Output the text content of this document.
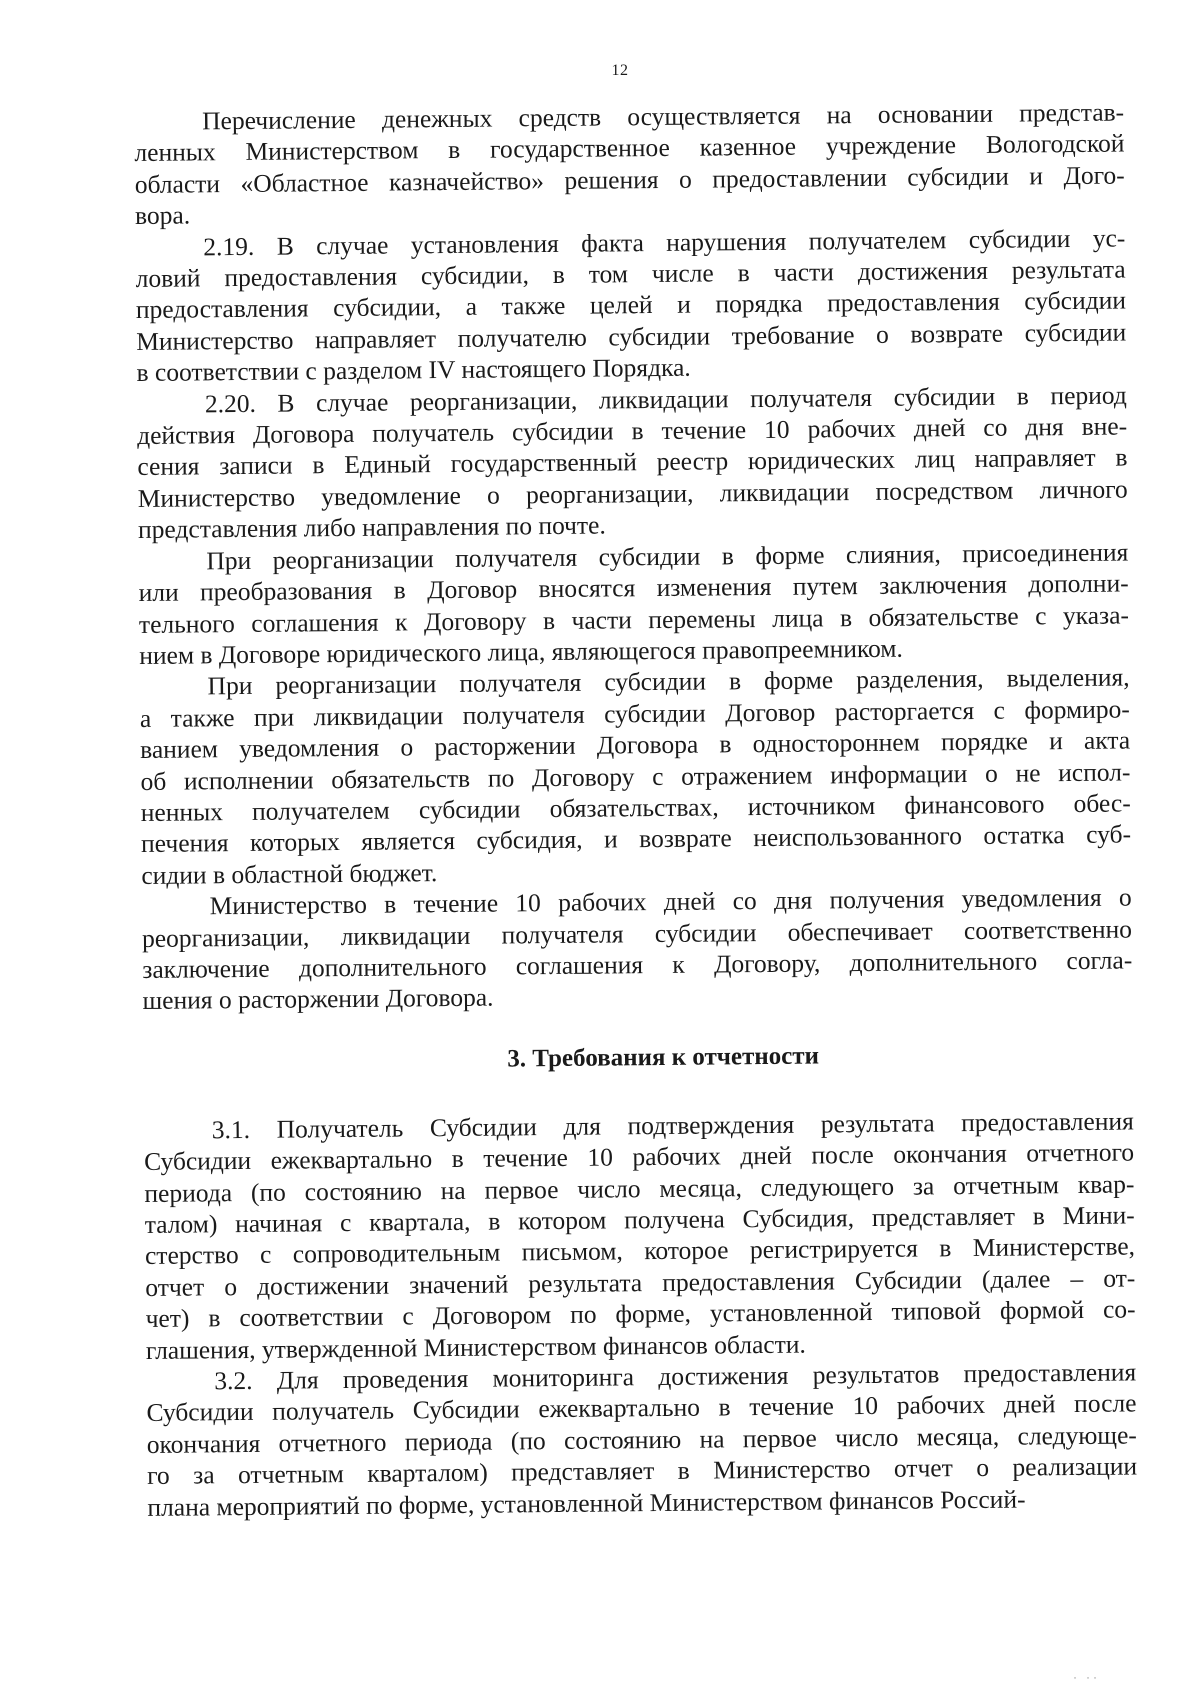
12
Перечисление денежных средств осуществляется на основании представ-
ленных Министерством в государственное казенное учреждение Вологодской
области «Областное казначейство» решения о предоставлении субсидии и Дого-
вора.
2.19. В случае установления факта нарушения получателем субсидии ус-
ловий предоставления субсидии, в том числе в части достижения результата
предоставления субсидии, а также целей и порядка предоставления субсидии
Министерство направляет получателю субсидии требование о возврате субсидии
в соответствии с разделом IV настоящего Порядка.
2.20. В случае реорганизации, ликвидации получателя субсидии в период
действия Договора получатель субсидии в течение 10 рабочих дней со дня вне-
сения записи в Единый государственный реестр юридических лиц направляет в
Министерство уведомление о реорганизации, ликвидации посредством личного
представления либо направления по почте.
При реорганизации получателя субсидии в форме слияния, присоединения
или преобразования в Договор вносятся изменения путем заключения дополни-
тельного соглашения к Договору в части перемены лица в обязательстве с указа-
нием в Договоре юридического лица, являющегося правопреемником.
При реорганизации получателя субсидии в форме разделения, выделения,
а также при ликвидации получателя субсидии Договор расторгается с формиро-
ванием уведомления о расторжении Договора в одностороннем порядке и акта
об исполнении обязательств по Договору с отражением информации о не испол-
ненных получателем субсидии обязательствах, источником финансового обес-
печения которых является субсидия, и возврате неиспользованного остатка суб-
сидии в областной бюджет.
Министерство в течение 10 рабочих дней со дня получения уведомления о
реорганизации, ликвидации получателя субсидии обеспечивает соответственно
заключение дополнительного соглашения к Договору, дополнительного согла-
шения о расторжении Договора.
3. Требования к отчетности
3.1. Получатель Субсидии для подтверждения результата предоставления
Субсидии ежеквартально в течение 10 рабочих дней после окончания отчетного
периода (по состоянию на первое число месяца, следующего за отчетным квар-
талом) начиная с квартала, в котором получена Субсидия, представляет в Мини-
стерство с сопроводительным письмом, которое регистрируется в Министерстве,
отчет о достижении значений результата предоставления Субсидии (далее – от-
чет) в соответствии с Договором по форме, установленной типовой формой со-
глашения, утвержденной Министерством финансов области.
3.2. Для проведения мониторинга достижения результатов предоставления
Субсидии получатель Субсидии ежеквартально в течение 10 рабочих дней после
окончания отчетного периода (по состоянию на первое число месяца, следующе-
го за отчетным кварталом) представляет в Министерство отчет о реализации
плана мероприятий по форме, установленной Министерством финансов Россий-
˙ ˙˙
